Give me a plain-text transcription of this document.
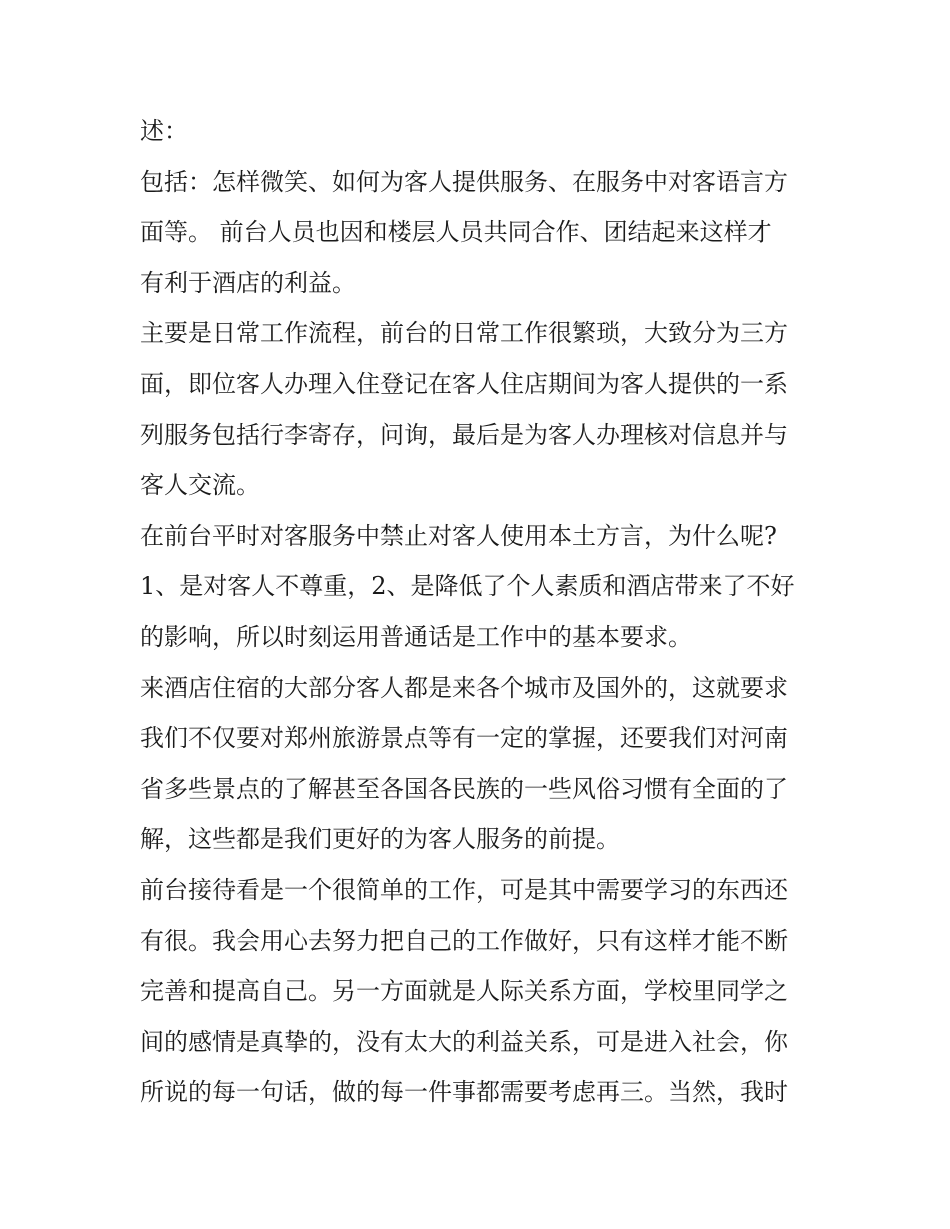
述：
包括：怎样微笑、如何为客人提供服务、在服务中对客语言方
面等。 前台人员也因和楼层人员共同合作、团结起来这样才
有利于酒店的利益。
主要是日常工作流程，前台的日常工作很繁琐，大致分为三方
面，即位客人办理入住登记在客人住店期间为客人提供的一系
列服务包括行李寄存，问询，最后是为客人办理核对信息并与
客人交流。
在前台平时对客服务中禁止对客人使用本土方言，为什么呢?
1、是对客人不尊重，2、是降低了个人素质和酒店带来了不好
的影响，所以时刻运用普通话是工作中的基本要求。
来酒店住宿的大部分客人都是来各个城市及国外的，这就要求
我们不仅要对郑州旅游景点等有一定的掌握，还要我们对河南
省多些景点的了解甚至各国各民族的一些风俗习惯有全面的了
解，这些都是我们更好的为客人服务的前提。
前台接待看是一个很简单的工作，可是其中需要学习的东西还
有很。我会用心去努力把自己的工作做好，只有这样才能不断
完善和提高自己。另一方面就是人际关系方面，学校里同学之
间的感情是真挚的，没有太大的利益关系，可是进入社会，你
所说的每一句话，做的每一件事都需要考虑再三。当然，我时
